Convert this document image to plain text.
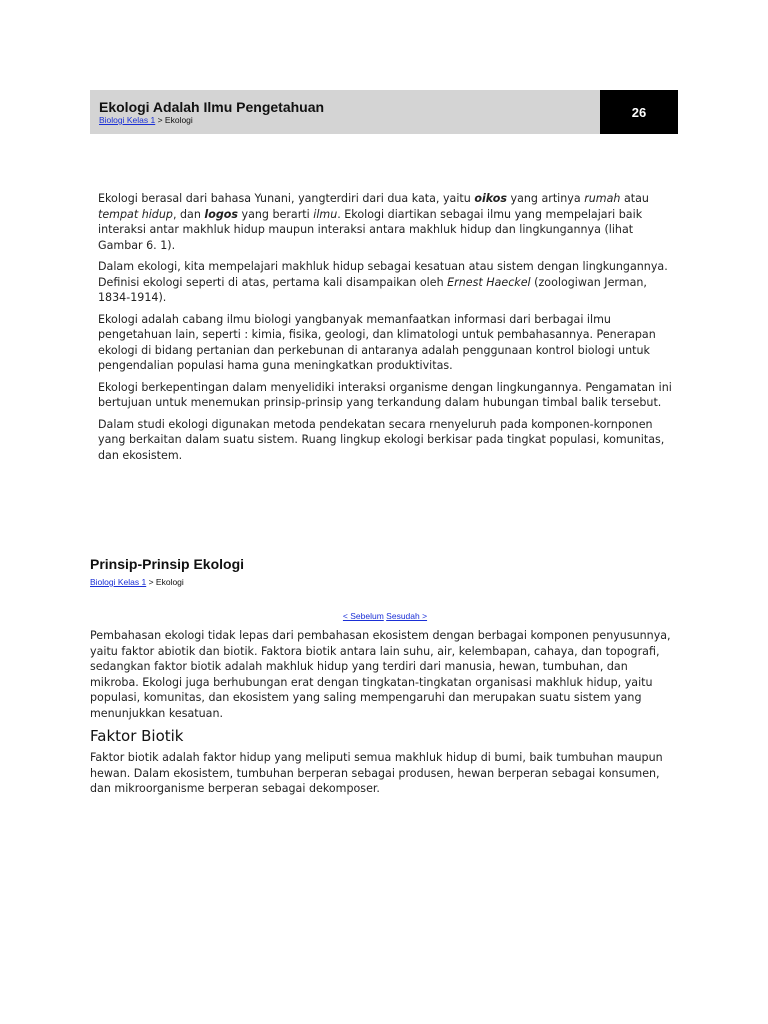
Ekologi Adalah Ilmu Pengetahuan
Biologi Kelas 1 > Ekologi
26

Ekologi berasal dari bahasa Yunani, yangterdiri dari dua kata, yaitu oikos yang artinya rumah atau tempat hidup, dan logos yang berarti ilmu. Ekologi diartikan sebagai ilmu yang mempelajari baik interaksi antar makhluk hidup maupun interaksi antara makhluk hidup dan lingkungannya (lihat Gambar 6. 1).

Dalam ekologi, kita mempelajari makhluk hidup sebagai kesatuan atau sistem dengan lingkungannya. Definisi ekologi seperti di atas, pertama kali disampaikan oleh Ernest Haeckel (zoologiwan Jerman, 1834-1914).

Ekologi adalah cabang ilmu biologi yangbanyak memanfaatkan informasi dari berbagai ilmu pengetahuan lain, seperti : kimia, fisika, geologi, dan klimatologi untuk pembahasannya. Penerapan ekologi di bidang pertanian dan perkebunan di antaranya adalah penggunaan kontrol biologi untuk pengendalian populasi hama guna meningkatkan produktivitas.

Ekologi berkepentingan dalam menyelidiki interaksi organisme dengan lingkungannya. Pengamatan ini bertujuan untuk menemukan prinsip-prinsip yang terkandung dalam hubungan timbal balik tersebut.

Dalam studi ekologi digunakan metoda pendekatan secara rnenyeluruh pada komponen-kornponen yang berkaitan dalam suatu sistem. Ruang lingkup ekologi berkisar pada tingkat populasi, komunitas, dan ekosistem.

Prinsip-Prinsip Ekologi
Biologi Kelas 1 > Ekologi
< Sebelum Sesudah >

Pembahasan ekologi tidak lepas dari pembahasan ekosistem dengan berbagai komponen penyusunnya, yaitu faktor abiotik dan biotik. Faktora biotik antara lain suhu, air, kelembapan, cahaya, dan topografi, sedangkan faktor biotik adalah makhluk hidup yang terdiri dari manusia, hewan, tumbuhan, dan mikroba. Ekologi juga berhubungan erat dengan tingkatan-tingkatan organisasi makhluk hidup, yaitu populasi, komunitas, dan ekosistem yang saling mempengaruhi dan merupakan suatu sistem yang menunjukkan kesatuan.

Faktor Biotik

Faktor biotik adalah faktor hidup yang meliputi semua makhluk hidup di bumi, baik tumbuhan maupun hewan. Dalam ekosistem, tumbuhan berperan sebagai produsen, hewan berperan sebagai konsumen, dan mikroorganisme berperan sebagai dekomposer.
